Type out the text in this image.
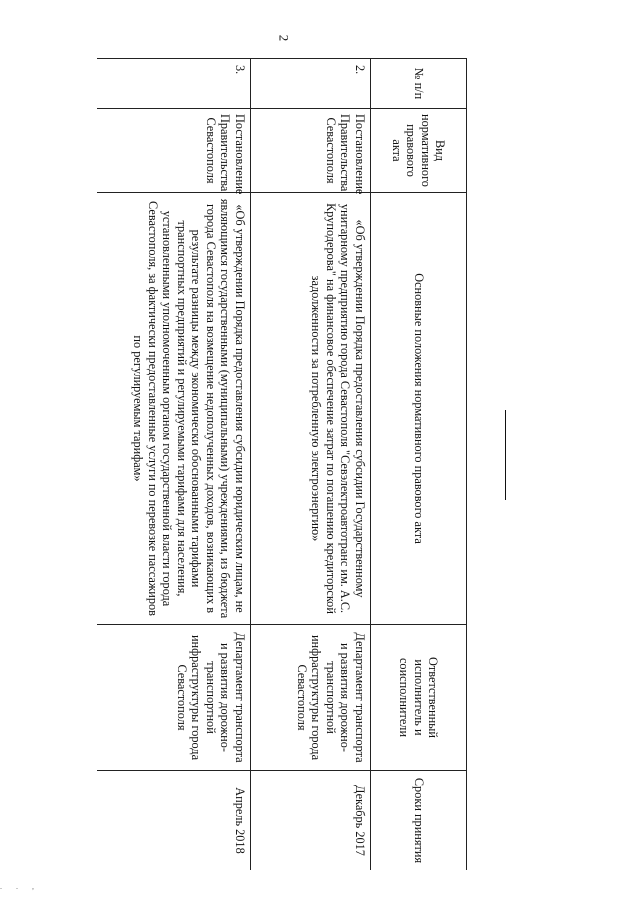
2
№ п/п	Вид нормативного правового акта	Основные положения нормативного правового акта	Ответственный исполнитель и соисполнители	Сроки принятия
2.	Постановление Правительства Севастополя	«Об утверждении Порядка предоставления субсидии Государственному унитарному предприятию города Севастополя "Севэлектроавтотранс им. А.С. Круподерова" на финансовое обеспечение затрат по погашению кредиторской задолженности за потребленную электроэнергию»	Департамент транспорта и развития дорожно-транспортной инфраструктуры города Севастополя	Декабрь 2017
3.	Постановление Правительства Севастополя	«Об утверждении Порядка предоставления субсидии юридическим лицам, не являющимся государственными (муниципальными) учреждениями, из бюджета города Севастополя на возмещение недополученных доходов, возникающих в результате разницы между экономически обоснованными тарифами транспортных предприятий и регулируемыми тарифами для населения, установленными уполномоченным органом государственной власти города Севастополя, за фактически предоставленные услуги по перевозке пассажиров по регулируемым тарифам»	Департамент транспорта и развития дорожно-транспортной инфраструктуры города Севастополя	Апрель 2018
. . ,
